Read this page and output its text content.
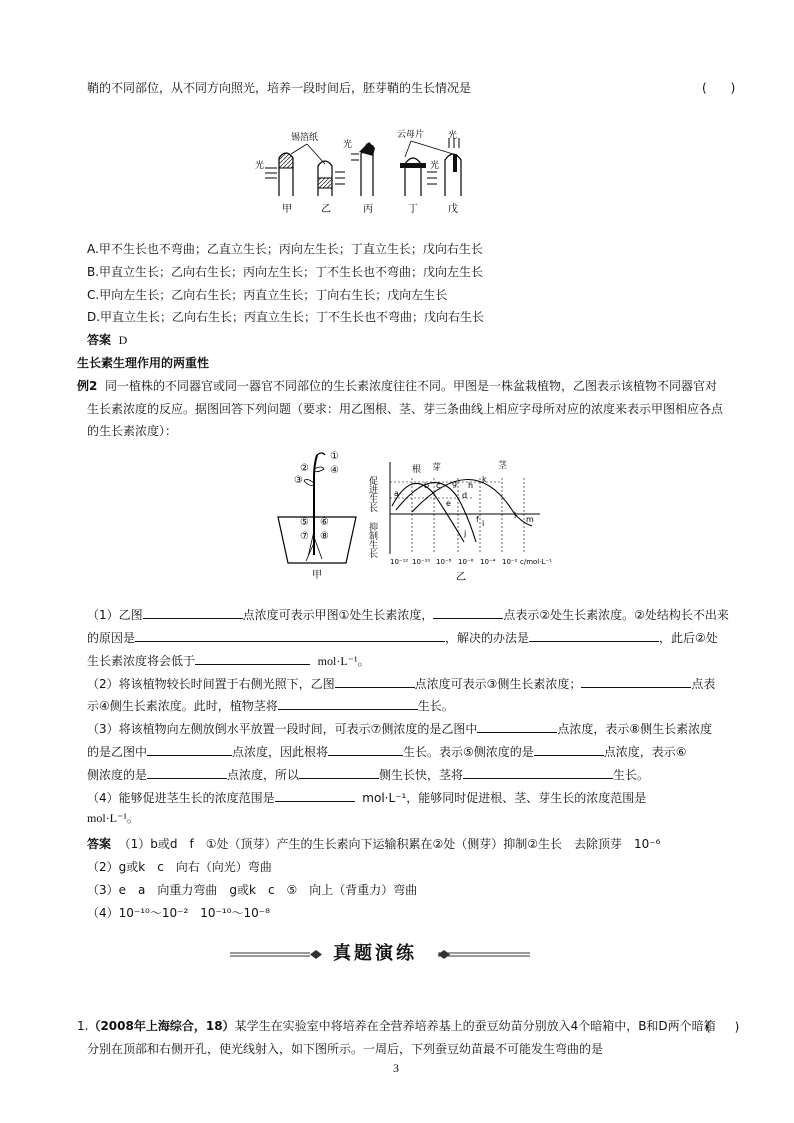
鞘的不同部位，从不同方向照光，培养一段时间后，胚芽鞘的生长情况是	(　　)
锡箔纸	云母片	光
光
光
光
甲	乙	丙	丁	戊
A.甲不生长也不弯曲；乙直立生长；丙向左生长；丁直立生长；戊向右生长
B.甲直立生长；乙向右生长；丙向左生长；丁不生长也不弯曲；戊向左生长
C.甲向左生长；乙向右生长；丙直立生长；丁向右生长；戊向左生长
D.甲直立生长；乙向右生长；丙直立生长；丁不生长也不弯曲；戊向右生长
答案 D
生长素生理作用的两重性
例2 同一植株的不同器官或同一器官不同部位的生长素浓度往往不同。甲图是一株盆栽植物，乙图表示该植物不同器官对
生长素浓度的反应。据图回答下列问题（要求：用乙图根、茎、芽三条曲线上相应字母所对应的浓度来表示甲图相应各点
的生长素浓度）：
①
②
③
④
⑤ ⑥
⑦ ⑧
甲
促进生长
抑制生长
根 芽	茎
a
b c
d
e
f
g h
i
j
k
l m
10⁻¹² 10⁻¹⁰ 10⁻⁸ 10⁻⁶ 10⁻⁴ 10⁻² c/mol·L⁻¹
乙
（1）乙图	点浓度可表示甲图①处生长素浓度，	点表示②处生长素浓度。②处结构长不出来
的原因是	，解决的办法是	，此后②处
生长素浓度将会低于	mol·L⁻¹。
（2）将该植物较长时间置于右侧光照下，乙图	点浓度可表示③侧生长素浓度；	点表
示④侧生长素浓度。此时，植物茎将	生长。
（3）将该植物向左侧放倒水平放置一段时间，可表示⑦侧浓度的是乙图中	点浓度，表示⑧侧生长素浓度
的是乙图中	点浓度，因此根将	生长。表示⑤侧浓度的是	点浓度，表示⑥
侧浓度的是	点浓度，所以	侧生长快，茎将	生长。
（4）能够促进茎生长的浓度范围是	mol·L⁻¹，能够同时促进根、茎、芽生长的浓度范围是
mol·L⁻¹。
答案 （1）b或d　f　①处（顶芽）产生的生长素向下运输积累在②处（侧芽）抑制②生长　去除顶芽　10⁻⁶
（2）g或k　c　向右（向光）弯曲
（3）e　a　向重力弯曲　g或k　c　⑤　向上（背重力）弯曲
（4）10⁻¹⁰～10⁻²　10⁻¹⁰～10⁻⁸
真题演练
1.（2008年上海综合，18）某学生在实验室中将培养在全营养培养基上的蚕豆幼苗分别放入4个暗箱中，B和D两个暗箱
分别在顶部和右侧开孔，使光线射入，如下图所示。一周后，下列蚕豆幼苗最不可能发生弯曲的是
(　　)
3
